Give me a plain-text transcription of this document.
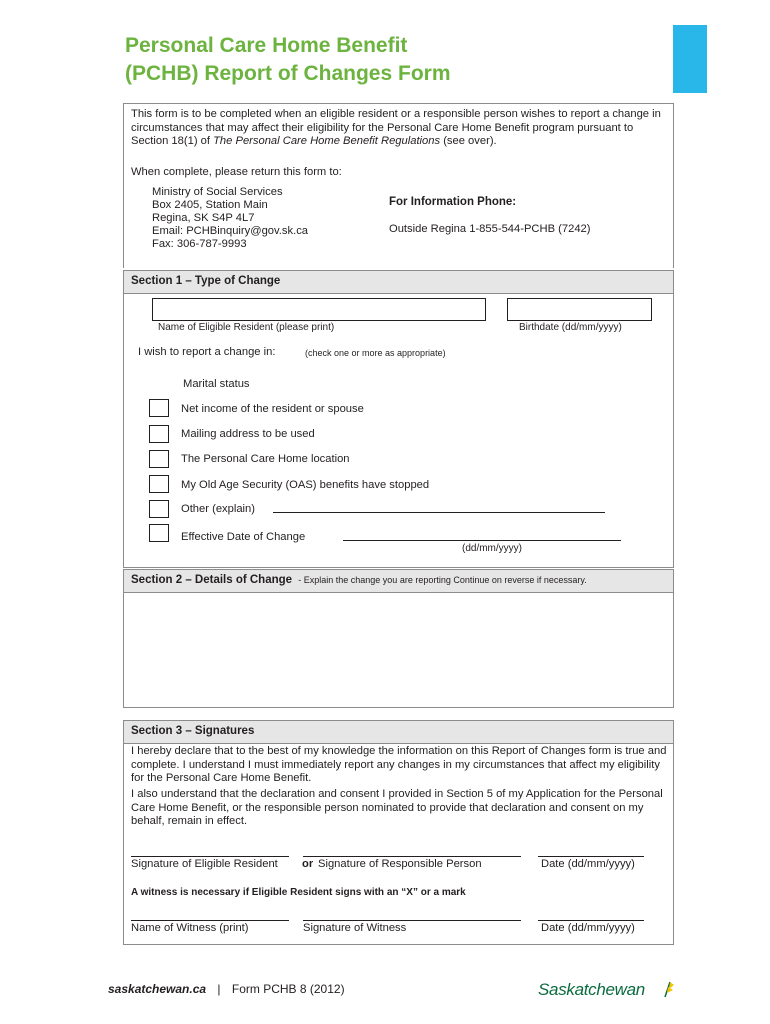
Personal Care Home Benefit
(PCHB) Report of Changes Form
This form is to be completed when an eligible resident or a responsible person wishes to report a change in circumstances that may affect their eligibility for the Personal Care Home Benefit program pursuant to Section 18(1) of The Personal Care Home Benefit Regulations (see over).
When complete, please return this form to:
Ministry of Social Services
Box 2405, Station Main
Regina, SK S4P 4L7
Email: PCHBinquiry@gov.sk.ca
Fax: 306-787-9993
For Information Phone:
Outside Regina 1-855-544-PCHB (7242)
Section 1 – Type of Change
Name of Eligible Resident (please print)	Birthdate (dd/mm/yyyy)
I wish to report a change in:	(check one or more as appropriate)
Marital status
Net income of the resident or spouse
Mailing address to be used
The Personal Care Home location
My Old Age Security (OAS) benefits have stopped
Other (explain)
Effective Date of Change
(dd/mm/yyyy)
Section 2 – Details of Change - Explain the change you are reporting Continue on reverse if necessary.
Section 3 – Signatures
I hereby declare that to the best of my knowledge the information on this Report of Changes form is true and complete. I understand I must immediately report any changes in my circumstances that affect my eligibility for the Personal Care Home Benefit.
I also understand that the declaration and consent I provided in Section 5 of my Application for the Personal Care Home Benefit, or the responsible person nominated to provide that declaration and consent on my behalf, remain in effect.
Signature of Eligible Resident or Signature of Responsible Person	Date (dd/mm/yyyy)
A witness is necessary if Eligible Resident signs with an “X” or a mark
Name of Witness (print)	Signature of Witness	Date (dd/mm/yyyy)
saskatchewan.ca | Form PCHB 8 (2012)	Saskatchewan
